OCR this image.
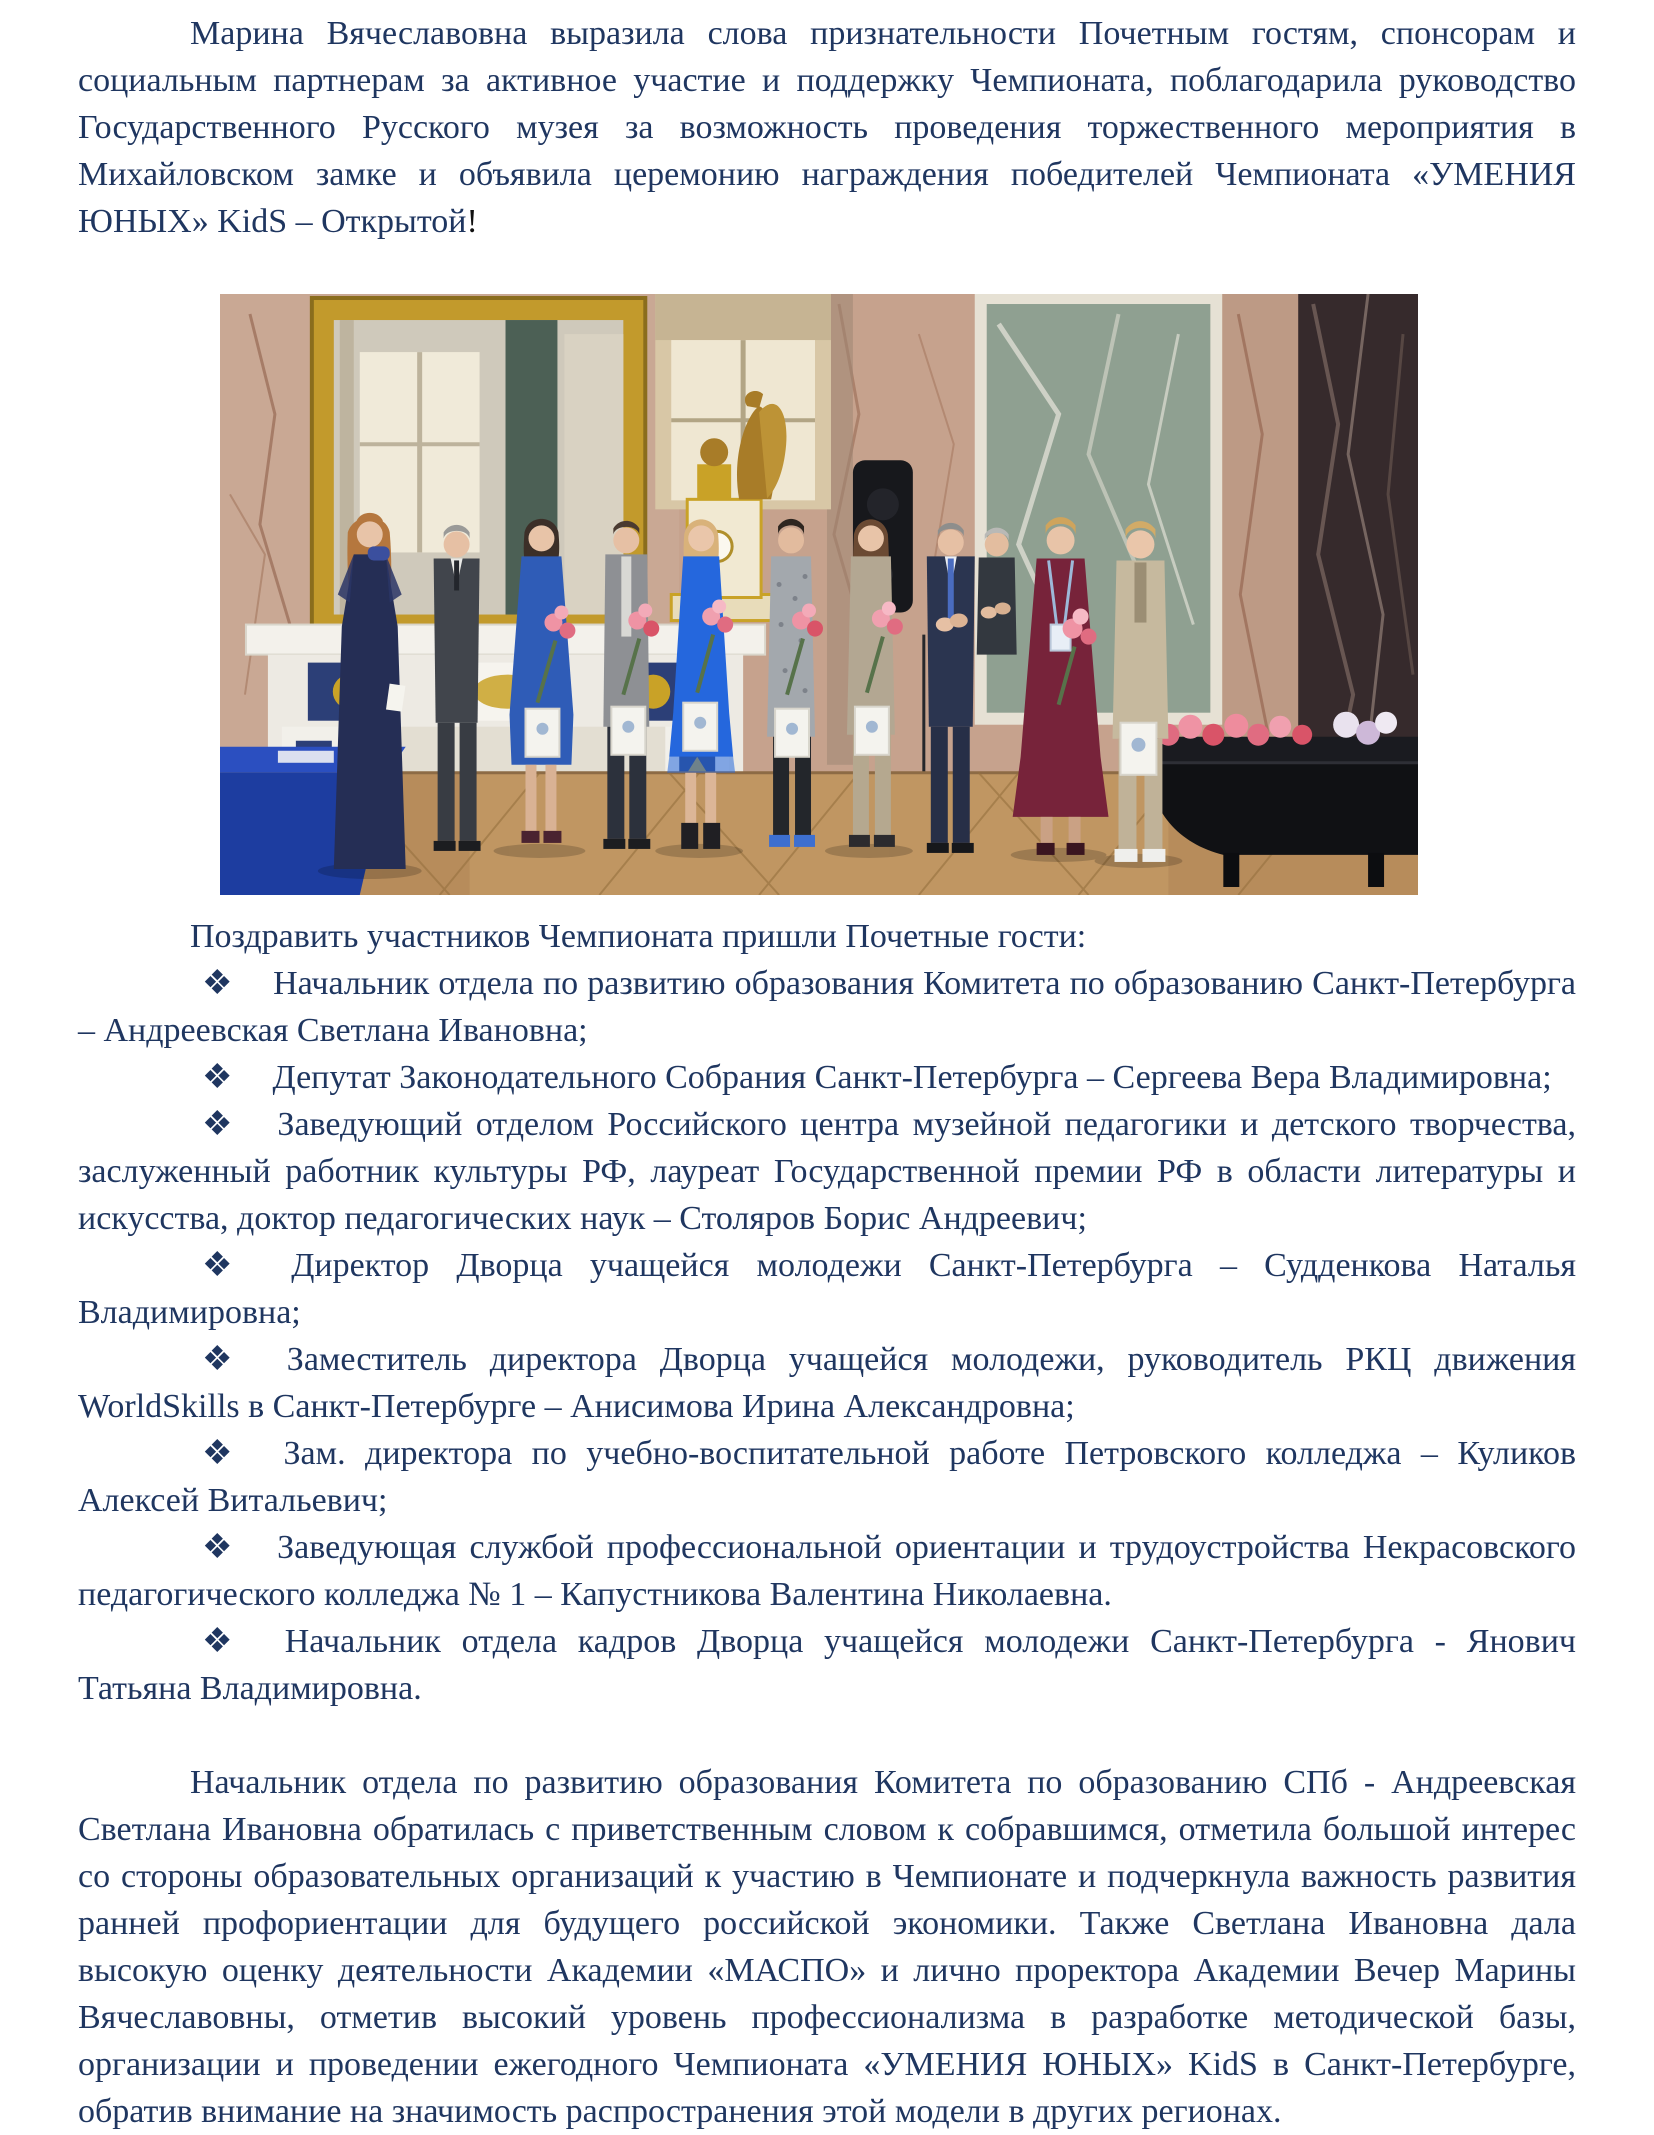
Марина Вячеславовна выразила слова признательности Почетным гостям, спонсорам и социальным партнерам за активное участие и поддержку Чемпионата, поблагодарила руководство Государственного Русского музея за возможность проведения торжественного мероприятия в Михайловском замке и объявила церемонию награждения победителей Чемпионата «УМЕНИЯ ЮНЫХ» KidS – Открытой!

Поздравить участников Чемпионата пришли Почетные гости:

❖ Начальник отдела по развитию образования Комитета по образованию Санкт-Петербурга – Андреевская Светлана Ивановна;

❖ Депутат Законодательного Собрания Санкт-Петербурга – Сергеева Вера Владимировна;

❖ Заведующий отделом Российского центра музейной педагогики и детского творчества, заслуженный работник культуры РФ, лауреат Государственной премии РФ в области литературы и искусства, доктор педагогических наук – Столяров Борис Андреевич;

❖ Директор Дворца учащейся молодежи Санкт-Петербурга – Судденкова Наталья Владимировна;

❖ Заместитель директора Дворца учащейся молодежи, руководитель РКЦ движения WorldSkills в Санкт-Петербурге – Анисимова Ирина Александровна;

❖ Зам. директора по учебно-воспитательной работе Петровского колледжа – Куликов Алексей Витальевич;

❖ Заведующая службой профессиональной ориентации и трудоустройства Некрасовского педагогического колледжа № 1 – Капустникова Валентина Николаевна.

❖ Начальник отдела кадров Дворца учащейся молодежи Санкт-Петербурга - Янович Татьяна Владимировна.

Начальник отдела по развитию образования Комитета по образованию СПб - Андреевская Светлана Ивановна обратилась с приветственным словом к собравшимся, отметила большой интерес со стороны образовательных организаций к участию в Чемпионате и подчеркнула важность развития ранней профориентации для будущего российской экономики. Также Светлана Ивановна дала высокую оценку деятельности Академии «МАСПО» и лично проректора Академии Вечер Марины Вячеславовны, отметив высокий уровень профессионализма в разработке методической базы, организации и проведении ежегодного Чемпионата «УМЕНИЯ ЮНЫХ» KidS в Санкт-Петербурге, обратив внимание на значимость распространения этой модели в других регионах.
